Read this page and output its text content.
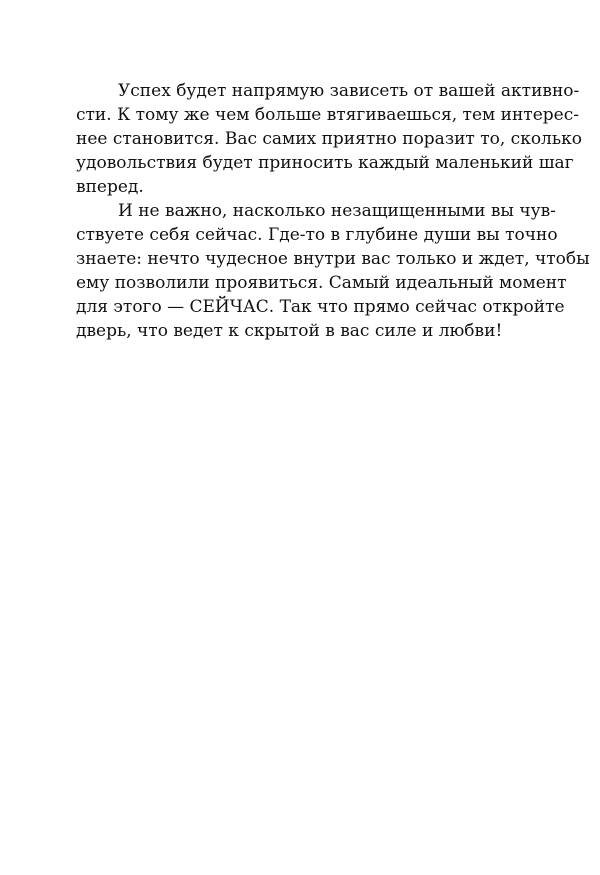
Успех будет напрямую зависеть от вашей активно-
сти. К тому же чем больше втягиваешься, тем интерес-
нее становится. Вас самих приятно поразит то, сколько
удовольствия будет приносить каждый маленький шаг
вперед.
И не важно, насколько незащищенными вы чув-
ствуете себя сейчас. Где-то в глубине души вы точно
знаете: нечто чудесное внутри вас только и ждет, чтобы
ему позволили проявиться. Самый идеальный момент
для этого — СЕЙЧАС. Так что прямо сейчас откройте
дверь, что ведет к скрытой в вас силе и любви!
